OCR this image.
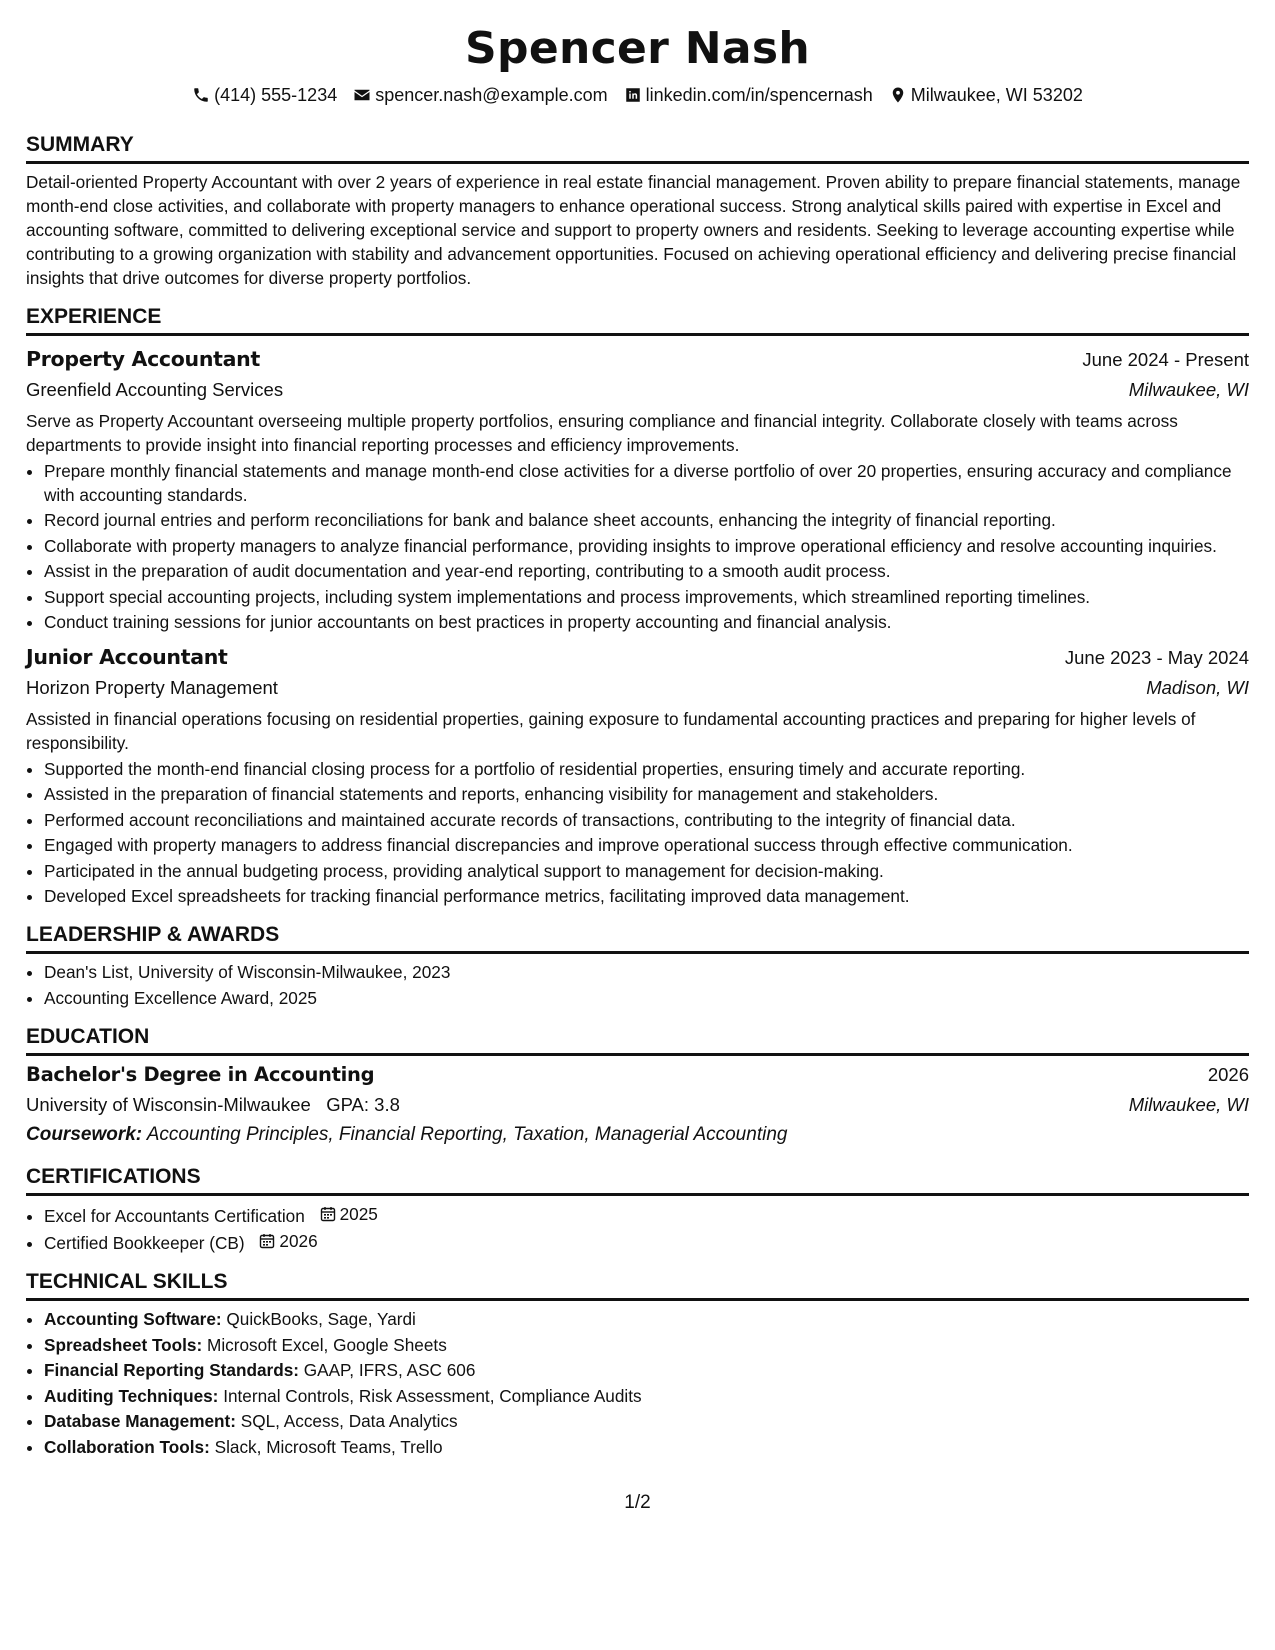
Spencer Nash
(414) 555-1234 spencer.nash@example.com linkedin.com/in/spencernash Milwaukee, WI 53202
SUMMARY

Detail-oriented Property Accountant with over 2 years of experience in real estate financial management. Proven ability to prepare financial statements, manage month-end close activities, and collaborate with property managers to enhance operational success. Strong analytical skills paired with expertise in Excel and accounting software, committed to delivering exceptional service and support to property owners and residents. Seeking to leverage accounting expertise while contributing to a growing organization with stability and advancement opportunities. Focused on achieving operational efficiency and delivering precise financial insights that drive outcomes for diverse property portfolios.

EXPERIENCE
Property Accountant	June 2024 - Present
Greenfield Accounting Services	Milwaukee, WI

Serve as Property Accountant overseeing multiple property portfolios, ensuring compliance and financial integrity. Collaborate closely with teams across departments to provide insight into financial reporting processes and efficiency improvements.

• Prepare monthly financial statements and manage month-end close activities for a diverse portfolio of over 20 properties, ensuring accuracy and compliance with accounting standards.
• Record journal entries and perform reconciliations for bank and balance sheet accounts, enhancing the integrity of financial reporting.
• Collaborate with property managers to analyze financial performance, providing insights to improve operational efficiency and resolve accounting inquiries.
• Assist in the preparation of audit documentation and year-end reporting, contributing to a smooth audit process.
• Support special accounting projects, including system implementations and process improvements, which streamlined reporting timelines.
• Conduct training sessions for junior accountants on best practices in property accounting and financial analysis.
Junior Accountant	June 2023 - May 2024
Horizon Property Management	Madison, WI

Assisted in financial operations focusing on residential properties, gaining exposure to fundamental accounting practices and preparing for higher levels of responsibility.

• Supported the month-end financial closing process for a portfolio of residential properties, ensuring timely and accurate reporting.
• Assisted in the preparation of financial statements and reports, enhancing visibility for management and stakeholders.
• Performed account reconciliations and maintained accurate records of transactions, contributing to the integrity of financial data.
• Engaged with property managers to address financial discrepancies and improve operational success through effective communication.
• Participated in the annual budgeting process, providing analytical support to management for decision-making.
• Developed Excel spreadsheets for tracking financial performance metrics, facilitating improved data management.
LEADERSHIP & AWARDS
• Dean's List, University of Wisconsin-Milwaukee, 2023
• Accounting Excellence Award, 2025
EDUCATION
Bachelor's Degree in Accounting	2026
University of Wisconsin-Milwaukee GPA: 3.8	Milwaukee, WI
Coursework: Accounting Principles, Financial Reporting, Taxation, Managerial Accounting
CERTIFICATIONS
• Excel for Accountants Certification 2025
• Certified Bookkeeper (CB) 2026
TECHNICAL SKILLS
• Accounting Software: QuickBooks, Sage, Yardi
• Spreadsheet Tools: Microsoft Excel, Google Sheets
• Financial Reporting Standards: GAAP, IFRS, ASC 606
• Auditing Techniques: Internal Controls, Risk Assessment, Compliance Audits
• Database Management: SQL, Access, Data Analytics
• Collaboration Tools: Slack, Microsoft Teams, Trello
1/2
